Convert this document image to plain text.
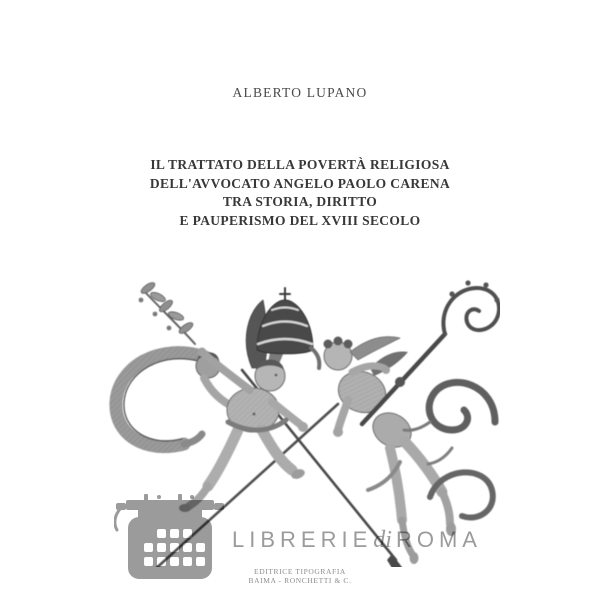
ALBERTO LUPANO
IL TRATTATO DELLA POVERTÀ RELIGIOSA
DELL'AVVOCATO ANGELO PAOLO CARENA
TRA STORIA, DIRITTO
E PAUPERISMO DEL XVIII SECOLO
LIBRERIEdi ROMA
EDITRICE TIPOGRAFIA
BAIMA - RONCHETTI & C.
